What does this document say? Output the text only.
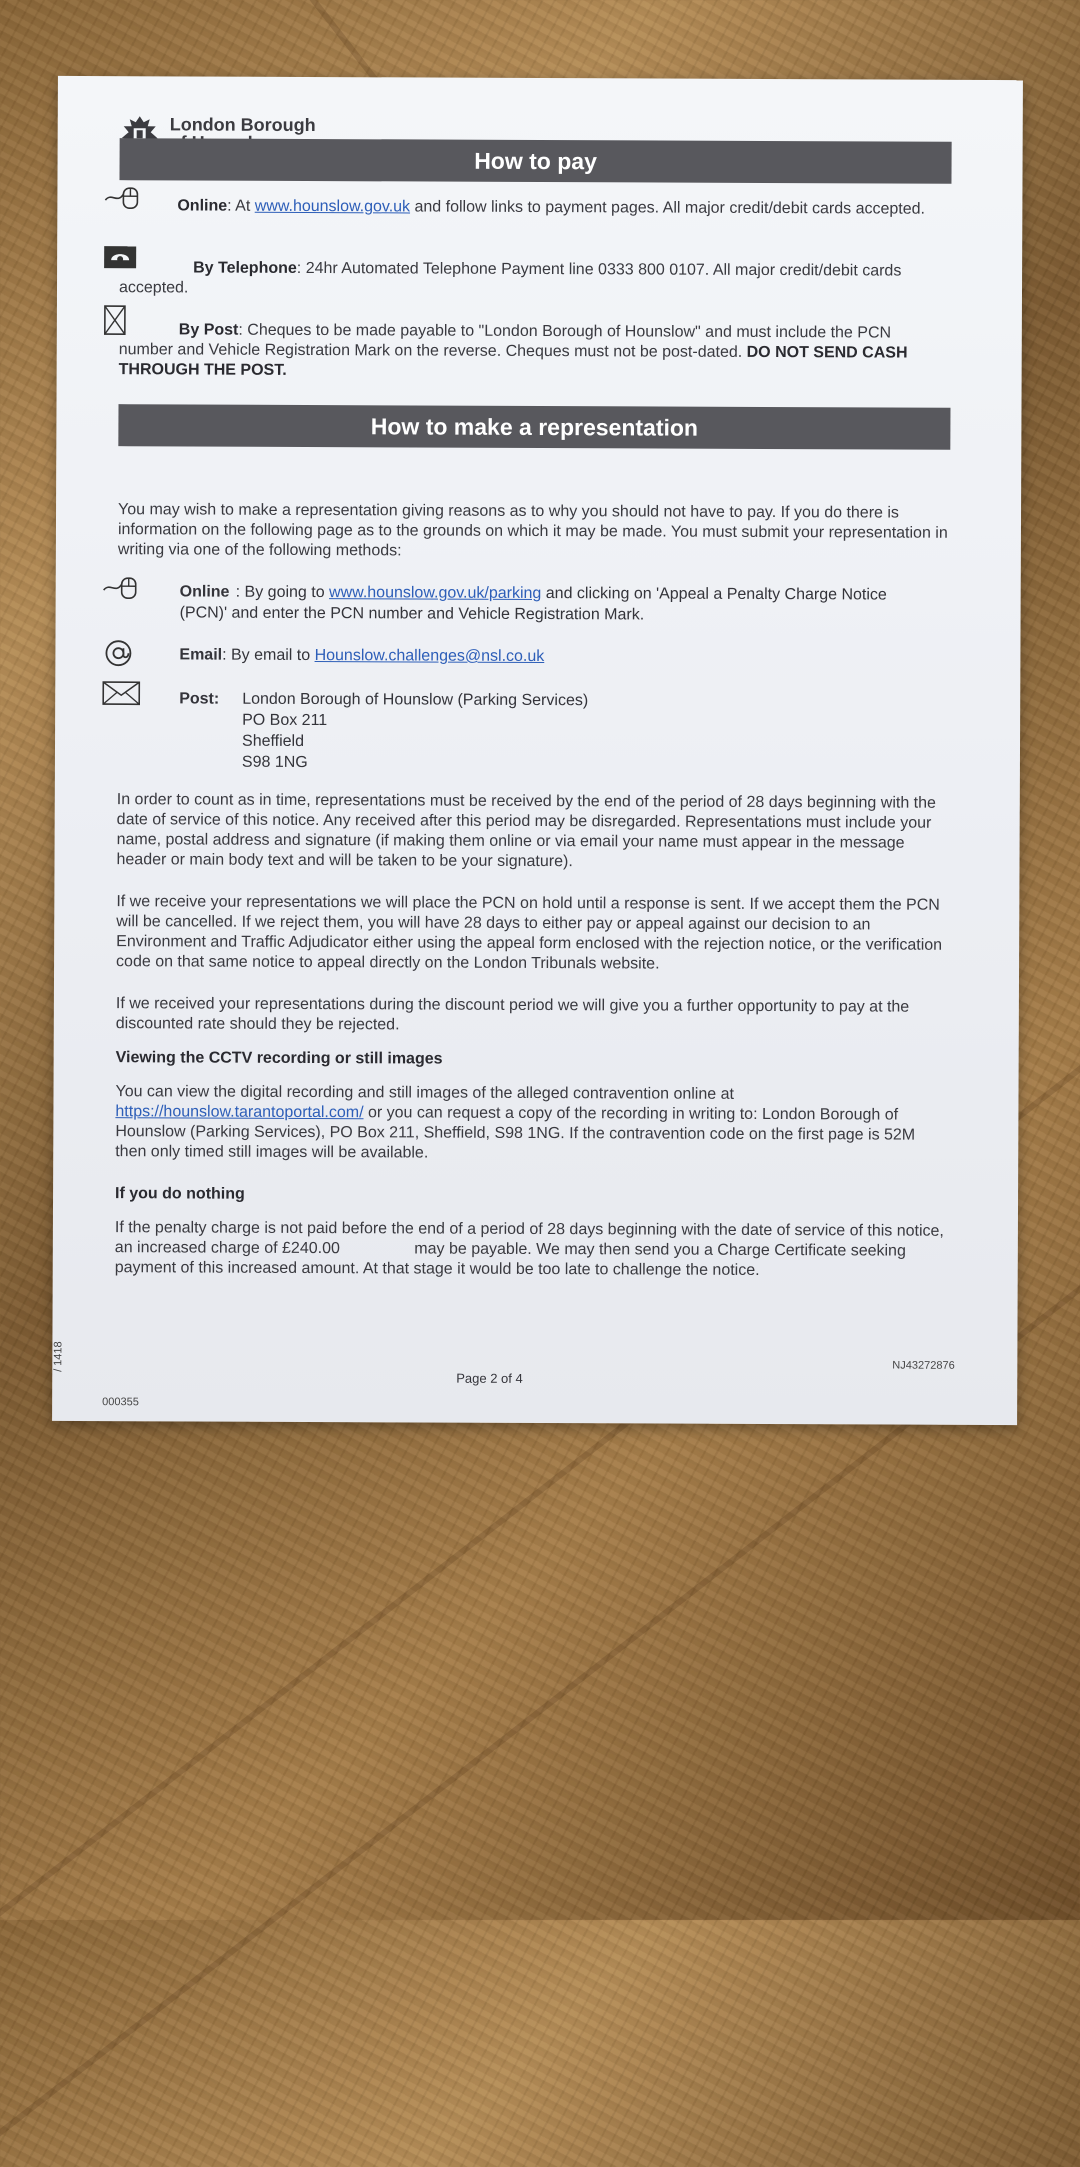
London Borough
How to pay
Online: At www.hounslow.gov.uk and follow links to payment pages. All major credit/debit cards accepted.
By Telephone: 24hr Automated Telephone Payment line 0333 800 0107. All major credit/debit cards accepted.
By Post: Cheques to be made payable to "London Borough of Hounslow" and must include the PCN number and Vehicle Registration Mark on the reverse. Cheques must not be post-dated. DO NOT SEND CASH THROUGH THE POST.
How to make a representation
You may wish to make a representation giving reasons as to why you should not have to pay. If you do there is information on the following page as to the grounds on which it may be made. You must submit your representation in writing via one of the following methods:
Online : By going to www.hounslow.gov.uk/parking and clicking on 'Appeal a Penalty Charge Notice (PCN)' and enter the PCN number and Vehicle Registration Mark.
Email: By email to Hounslow.challenges@nsl.co.uk
Post: London Borough of Hounslow (Parking Services)
PO Box 211
Sheffield
S98 1NG
In order to count as in time, representations must be received by the end of the period of 28 days beginning with the date of service of this notice. Any received after this period may be disregarded. Representations must include your name, postal address and signature (if making them online or via email your name must appear in the message header or main body text and will be taken to be your signature).
If we receive your representations we will place the PCN on hold until a response is sent. If we accept them the PCN will be cancelled. If we reject them, you will have 28 days to either pay or appeal against our decision to an Environment and Traffic Adjudicator either using the appeal form enclosed with the rejection notice, or the verification code on that same notice to appeal directly on the London Tribunals website.
If we received your representations during the discount period we will give you a further opportunity to pay at the discounted rate should they be rejected.
Viewing the CCTV recording or still images
You can view the digital recording and still images of the alleged contravention online at https://hounslow.tarantoportal.com/ or you can request a copy of the recording in writing to: London Borough of Hounslow (Parking Services), PO Box 211, Sheffield, S98 1NG. If the contravention code on the first page is 52M then only timed still images will be available.
If you do nothing
If the penalty charge is not paid before the end of a period of 28 days beginning with the date of service of this notice, an increased charge of £240.00	may be payable. We may then send you a Charge Certificate seeking payment of this increased amount. At that stage it would be too late to challenge the notice.
Page 2 of 4
NJ43272876
000355
/ 1418
